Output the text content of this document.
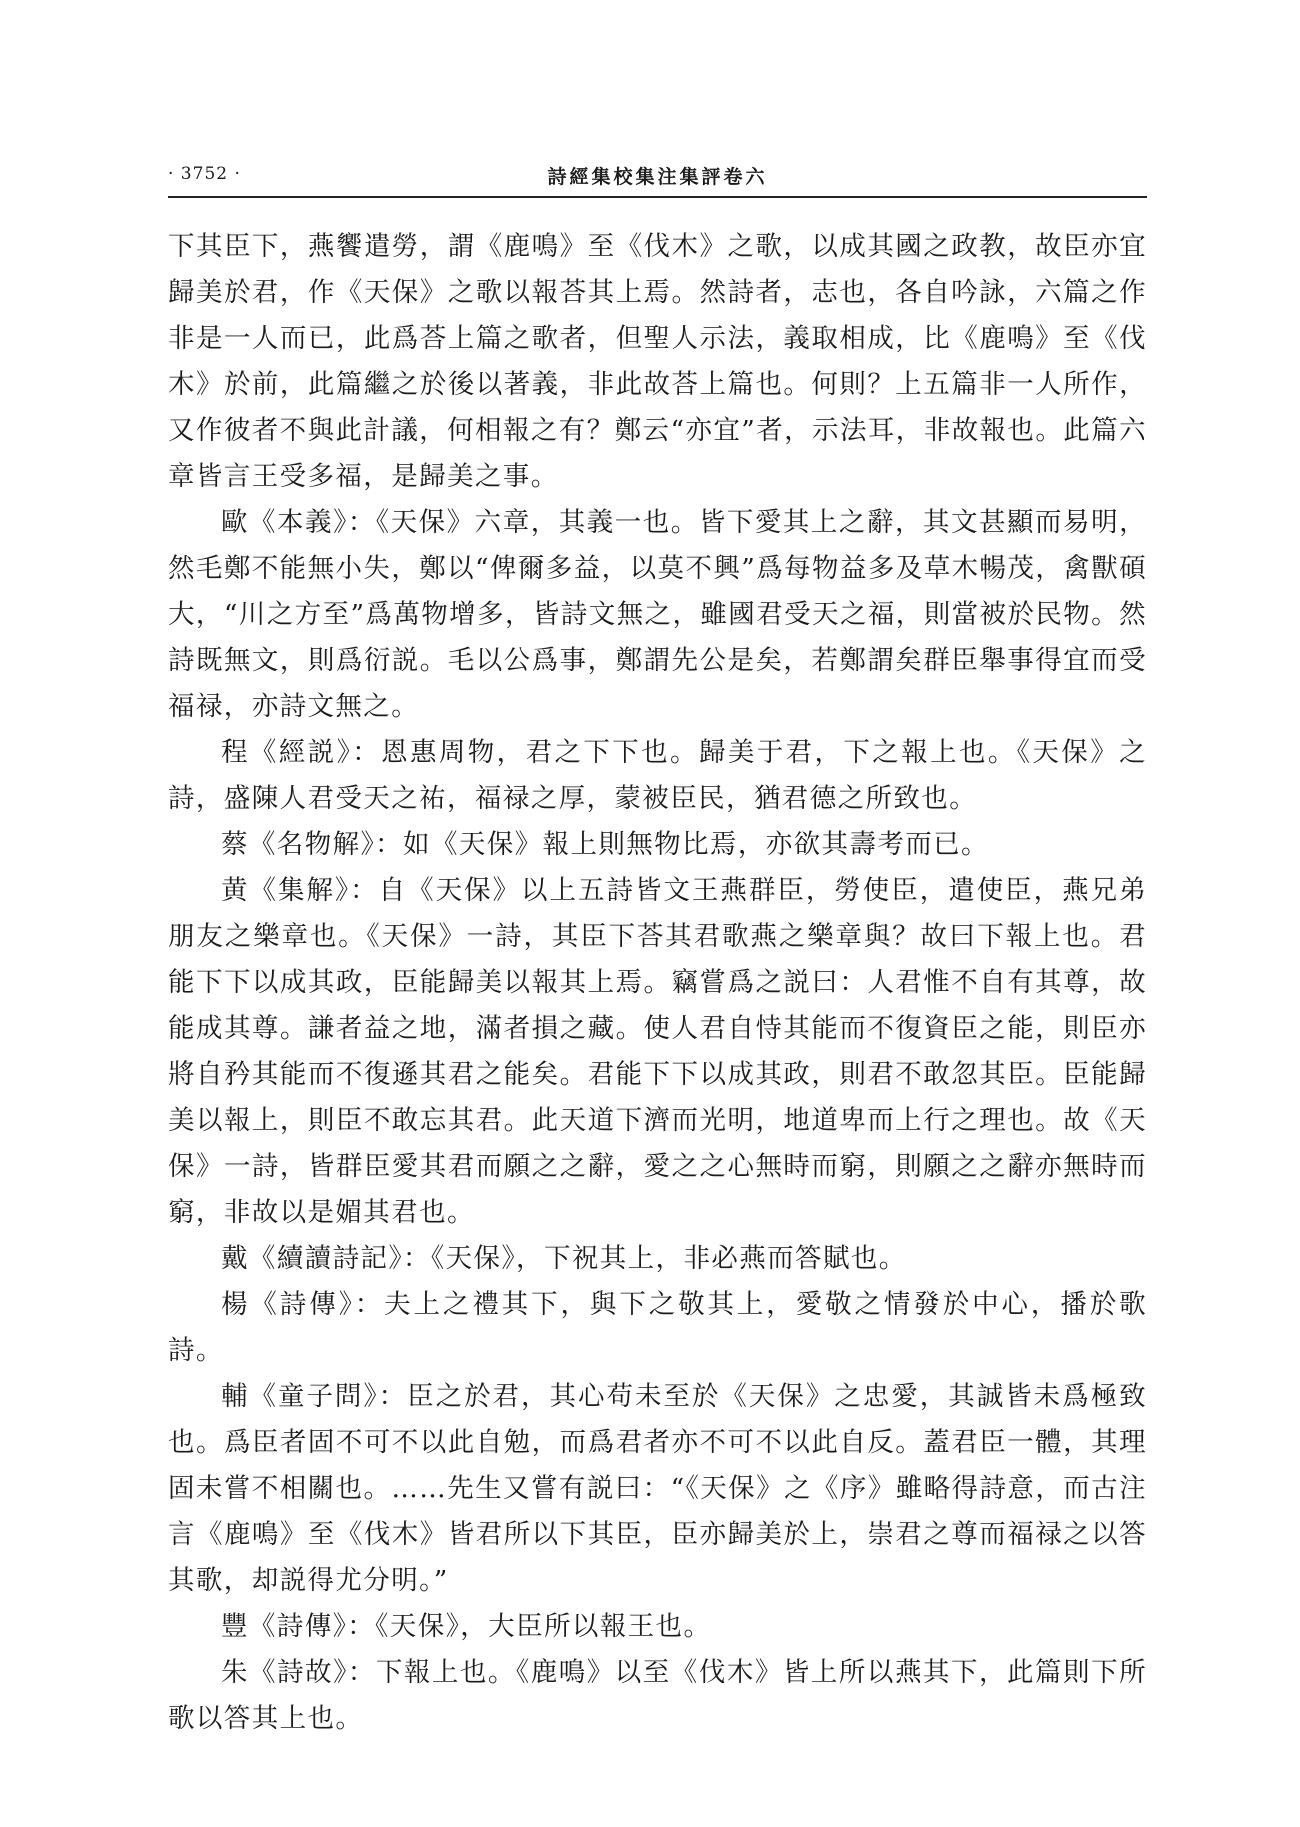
· 3752 ·	詩經集校集注集評卷六

下其臣下，燕饗遣勞，謂《鹿鳴》至《伐木》之歌，以成其國之政教，故臣亦宜歸美於君，作《天保》之歌以報荅其上焉。然詩者，志也，各自吟詠，六篇之作非是一人而已，此爲荅上篇之歌者，但聖人示法，義取相成，比《鹿鳴》至《伐木》於前，此篇繼之於後以著義，非此故荅上篇也。何則？上五篇非一人所作，又作彼者不與此計議，何相報之有？鄭云“亦宜”者，示法耳，非故報也。此篇六章皆言王受多福，是歸美之事。

歐《本義》：《天保》六章，其義一也。皆下愛其上之辭，其文甚顯而易明，然毛鄭不能無小失，鄭以“俾爾多益，以莫不興”爲每物益多及草木暢茂，禽獸碩大，“川之方至”爲萬物增多，皆詩文無之，雖國君受天之福，則當被於民物。然詩既無文，則爲衍説。毛以公爲事，鄭謂先公是矣，若鄭謂矣群臣舉事得宜而受福禄，亦詩文無之。

程《經説》：恩惠周物，君之下下也。歸美于君，下之報上也。《天保》之詩，盛陳人君受天之祐，福禄之厚，蒙被臣民，猶君德之所致也。

蔡《名物解》：如《天保》報上則無物比焉，亦欲其壽考而已。

黄《集解》：自《天保》以上五詩皆文王燕群臣，勞使臣，遣使臣，燕兄弟朋友之樂章也。《天保》一詩，其臣下荅其君歌燕之樂章與？故曰下報上也。君能下下以成其政，臣能歸美以報其上焉。竊嘗爲之説曰：人君惟不自有其尊，故能成其尊。謙者益之地，滿者損之藏。使人君自恃其能而不復資臣之能，則臣亦將自矜其能而不復遜其君之能矣。君能下下以成其政，則君不敢忽其臣。臣能歸美以報上，則臣不敢忘其君。此天道下濟而光明，地道卑而上行之理也。故《天保》一詩，皆群臣愛其君而願之之辭，愛之之心無時而窮，則願之之辭亦無時而窮，非故以是媚其君也。

戴《續讀詩記》：《天保》，下祝其上，非必燕而答賦也。

楊《詩傳》：夫上之禮其下，與下之敬其上，愛敬之情發於中心，播於歌詩。

輔《童子問》：臣之於君，其心苟未至於《天保》之忠愛，其誠皆未爲極致也。爲臣者固不可不以此自勉，而爲君者亦不可不以此自反。蓋君臣一體，其理固未嘗不相關也。……先生又嘗有説曰：“《天保》之《序》雖略得詩意，而古注言《鹿鳴》至《伐木》皆君所以下其臣，臣亦歸美於上，崇君之尊而福禄之以答其歌，却説得尤分明。”

豐《詩傳》：《天保》，大臣所以報王也。

朱《詩故》：下報上也。《鹿鳴》以至《伐木》皆上所以燕其下，此篇則下所歌以答其上也。
